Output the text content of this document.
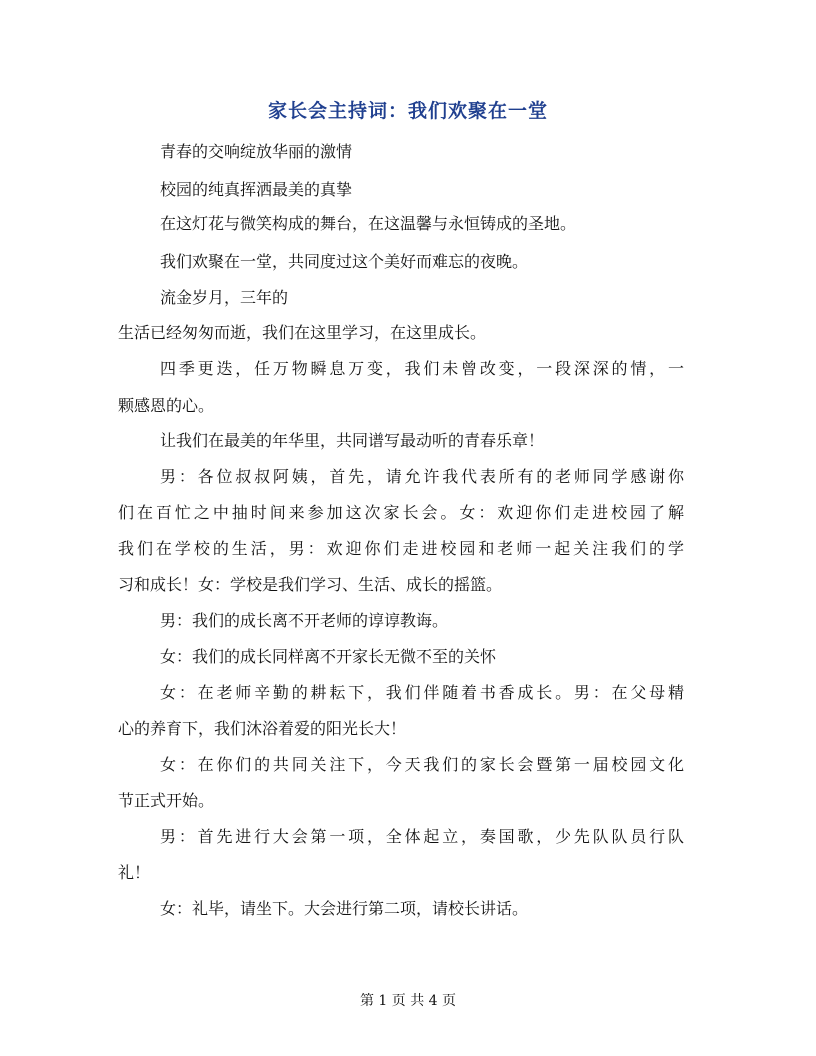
家长会主持词：我们欢聚在一堂
青春的交响绽放华丽的激情
校园的纯真挥洒最美的真挚
在这灯花与微笑构成的舞台，在这温馨与永恒铸成的圣地。
我们欢聚在一堂，共同度过这个美好而难忘的夜晚。
流金岁月，三年的
生活已经匆匆而逝，我们在这里学习，在这里成长。
四季更迭，任万物瞬息万变，我们未曾改变，一段深深的情，一
颗感恩的心。
让我们在最美的年华里，共同谱写最动听的青春乐章！
男：各位叔叔阿姨，首先，请允许我代表所有的老师同学感谢你
们在百忙之中抽时间来参加这次家长会。女：欢迎你们走进校园了解
我们在学校的生活，男：欢迎你们走进校园和老师一起关注我们的学
习和成长！女：学校是我们学习、生活、成长的摇篮。
男：我们的成长离不开老师的谆谆教诲。
女：我们的成长同样离不开家长无微不至的关怀
女：在老师辛勤的耕耘下，我们伴随着书香成长。男：在父母精
心的养育下，我们沐浴着爱的阳光长大！
女：在你们的共同关注下，今天我们的家长会暨第一届校园文化
节正式开始。
男：首先进行大会第一项，全体起立，奏国歌，少先队队员行队
礼！
女：礼毕，请坐下。大会进行第二项，请校长讲话。
第 1 页 共 4 页
